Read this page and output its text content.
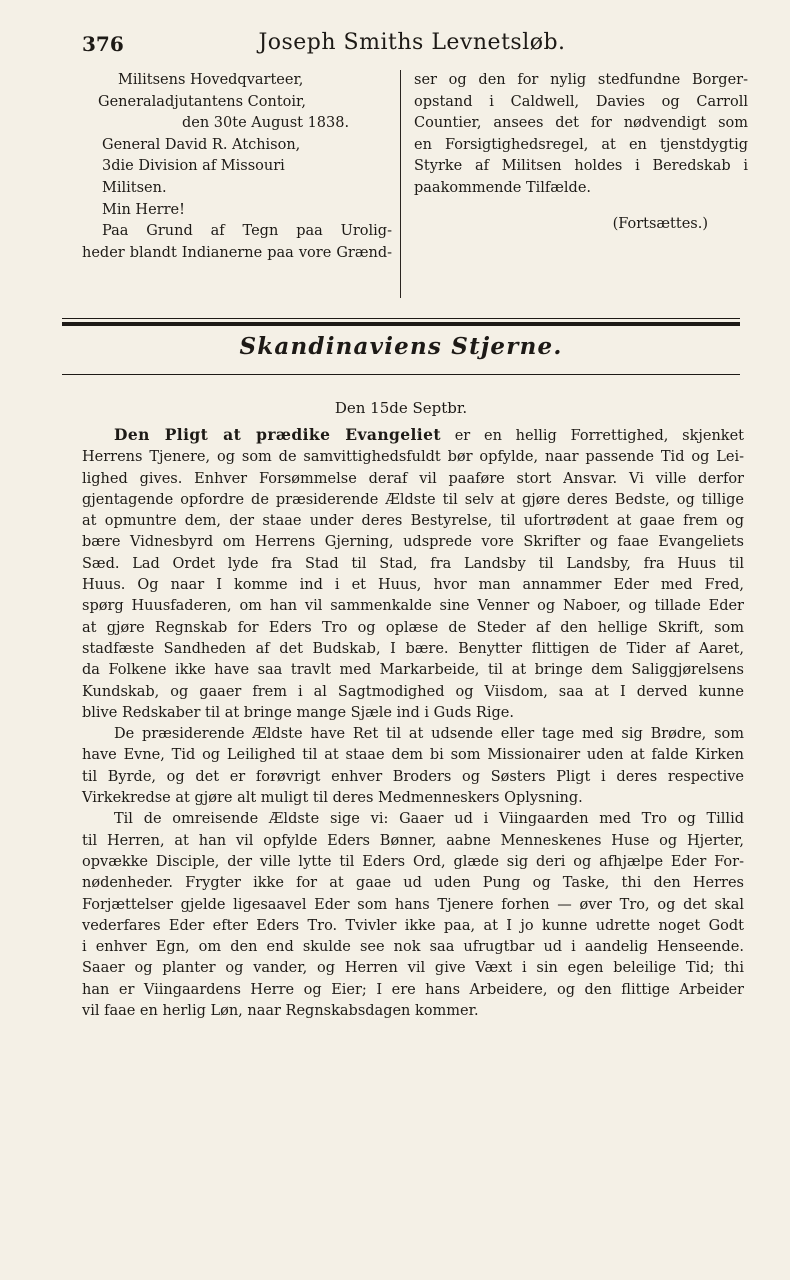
376	Joseph Smiths Levnetsløb.
Militsens Hovedqvarteer,
Generaladjutantens Contoir,
den 30te August 1838.
General David R. Atchison,
3die Division af Missouri
Militsen.
Min Herre!
Paa Grund af Tegn paa Urolig-
heder blandt Indianerne paa vore Grænd-
ser og den for nylig stedfundne Borger-
opstand i Caldwell, Davies og Carroll
Countier, ansees det for nødvendigt som
en Forsigtighedsregel, at en tjenstdygtig
Styrke af Militsen holdes i Beredskab i
paakommende Tilfælde.
(Fortsættes.)
Skandinaviens Stjerne.
Den 15de Septbr.
Den Pligt at prædike Evangeliet er en hellig Forrettighed, skjenket
Herrens Tjenere, og som de samvittighedsfuldt bør opfylde, naar passende Tid og Lei-
lighed gives. Enhver Forsømmelse deraf vil paaføre stort Ansvar. Vi ville derfor
gjentagende opfordre de præsiderende Ældste til selv at gjøre deres Bedste, og tillige
at opmuntre dem, der staae under deres Bestyrelse, til ufortrødent at gaae frem og
bære Vidnesbyrd om Herrens Gjerning, udsprede vore Skrifter og faae Evangeliets
Sæd. Lad Ordet lyde fra Stad til Stad, fra Landsby til Landsby, fra Huus til
Huus. Og naar I komme ind i et Huus, hvor man annammer Eder med Fred,
spørg Huusfaderen, om han vil sammenkalde sine Venner og Naboer, og tillade Eder
at gjøre Regnskab for Eders Tro og oplæse de Steder af den hellige Skrift, som
stadfæste Sandheden af det Budskab, I bære. Benytter flittigen de Tider af Aaret,
da Folkene ikke have saa travlt med Markarbeide, til at bringe dem Saliggjørelsens
Kundskab, og gaaer frem i al Sagtmodighed og Viisdom, saa at I derved kunne
blive Redskaber til at bringe mange Sjæle ind i Guds Rige.
De præsiderende Ældste have Ret til at udsende eller tage med sig Brødre, som
have Evne, Tid og Leilighed til at staae dem bi som Missionairer uden at falde Kirken
til Byrde, og det er forøvrigt enhver Broders og Søsters Pligt i deres respective
Virkekredse at gjøre alt muligt til deres Medmenneskers Oplysning.
Til de omreisende Ældste sige vi: Gaaer ud i Viingaarden med Tro og Tillid
til Herren, at han vil opfylde Eders Bønner, aabne Menneskenes Huse og Hjerter,
opvække Disciple, der ville lytte til Eders Ord, glæde sig deri og afhjælpe Eder For-
nødenheder. Frygter ikke for at gaae ud uden Pung og Taske, thi den Herres
Forjættelser gjelde ligesaavel Eder som hans Tjenere forhen — øver Tro, og det skal
vederfares Eder efter Eders Tro. Tvivler ikke paa, at I jo kunne udrette noget Godt
i enhver Egn, om den end skulde see nok saa ufrugtbar ud i aandelig Henseende.
Saaer og planter og vander, og Herren vil give Væxt i sin egen beleilige Tid; thi
han er Viingaardens Herre og Eier; I ere hans Arbeidere, og den flittige Arbeider
vil faae en herlig Løn, naar Regnskabsdagen kommer.
